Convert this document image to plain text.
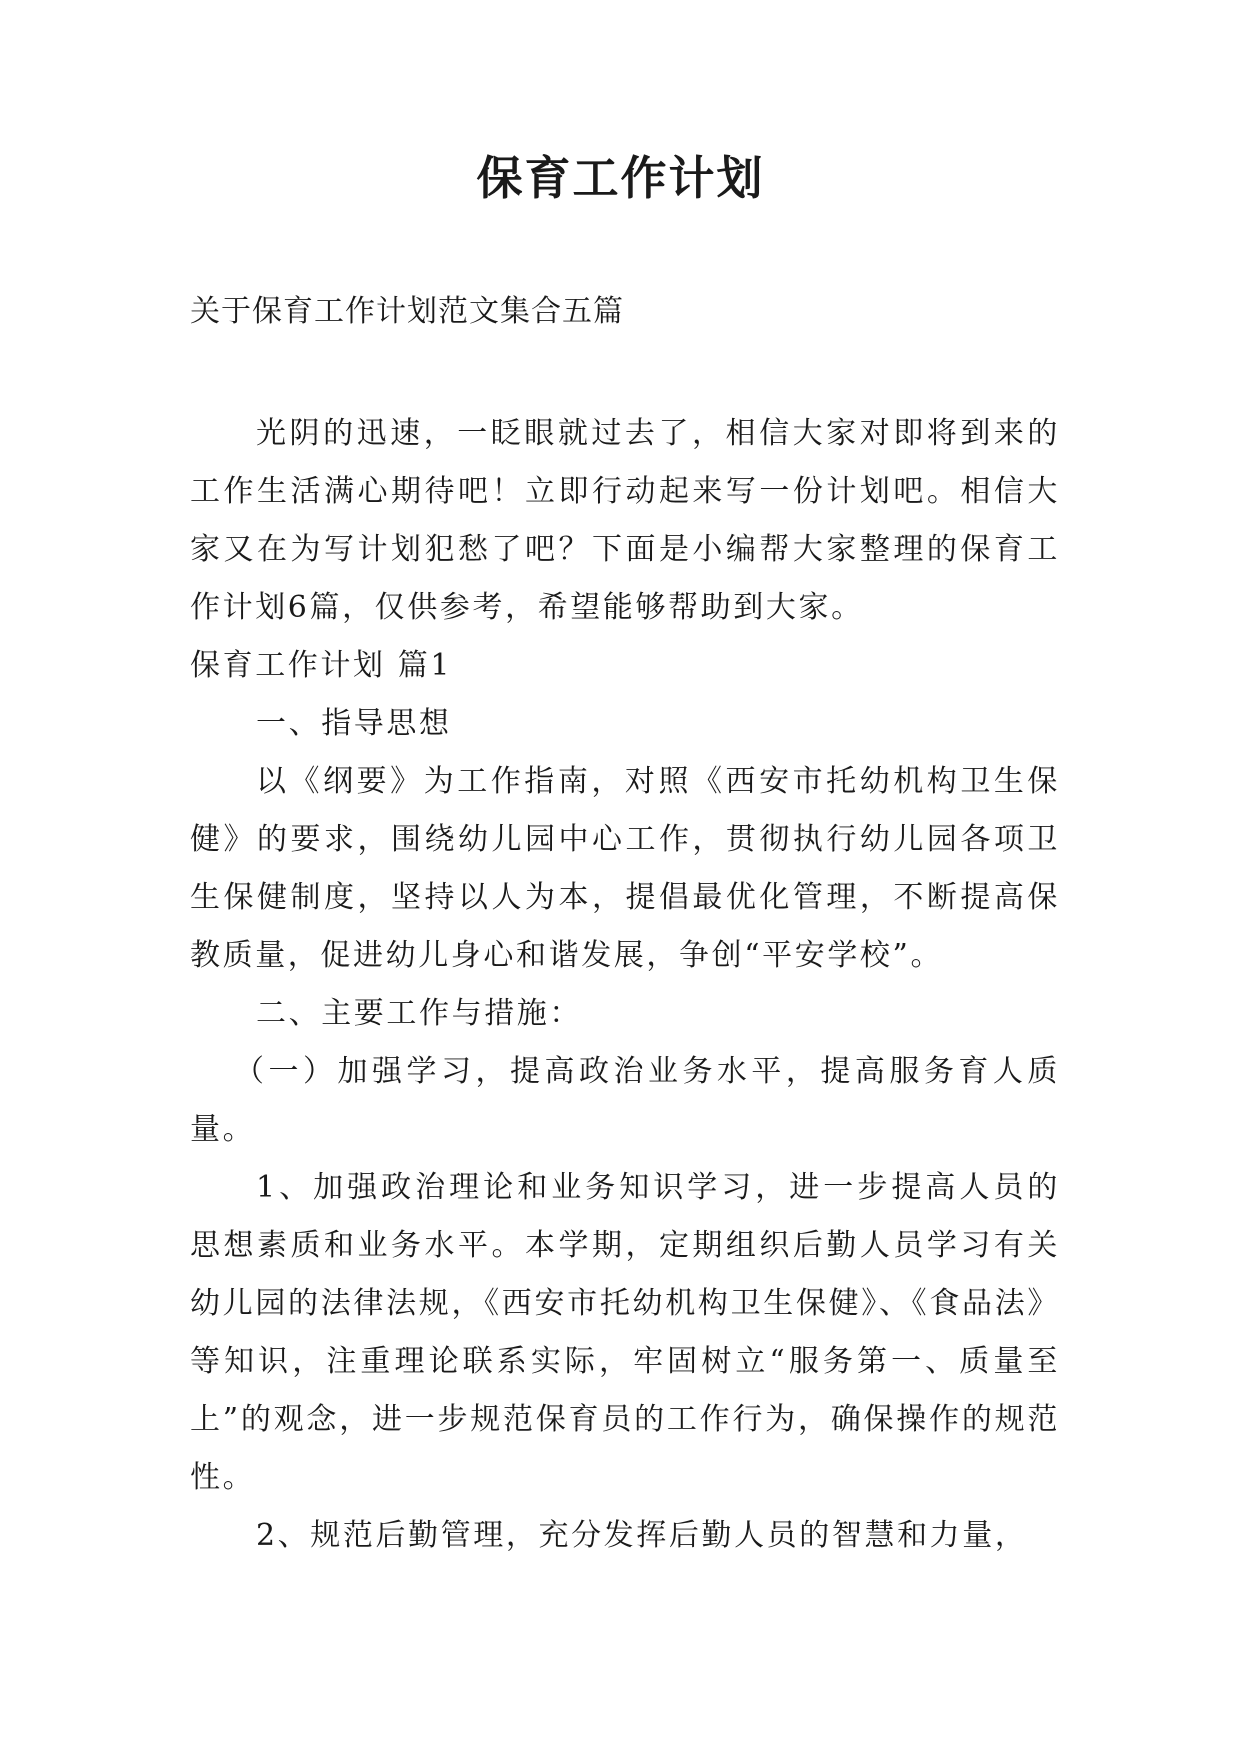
保育工作计划

关于保育工作计划范文集合五篇

光阴的迅速，一眨眼就过去了，相信大家对即将到来的工作生活满心期待吧！立即行动起来写一份计划吧。相信大家又在为写计划犯愁了吧？下面是小编帮大家整理的保育工作计划6篇，仅供参考，希望能够帮助到大家。

保育工作计划 篇1

一、指导思想

以《纲要》为工作指南，对照《西安市托幼机构卫生保健》的要求，围绕幼儿园中心工作，贯彻执行幼儿园各项卫生保健制度，坚持以人为本，提倡最优化管理，不断提高保教质量，促进幼儿身心和谐发展，争创“平安学校”。

二、主要工作与措施：

（一）加强学习，提高政治业务水平，提高服务育人质量。

1、加强政治理论和业务知识学习，进一步提高人员的思想素质和业务水平。本学期，定期组织后勤人员学习有关幼儿园的法律法规，《西安市托幼机构卫生保健》、《食品法》等知识，注重理论联系实际，牢固树立“服务第一、质量至上”的观念，进一步规范保育员的工作行为，确保操作的规范性。

2、规范后勤管理，充分发挥后勤人员的智慧和力量，
